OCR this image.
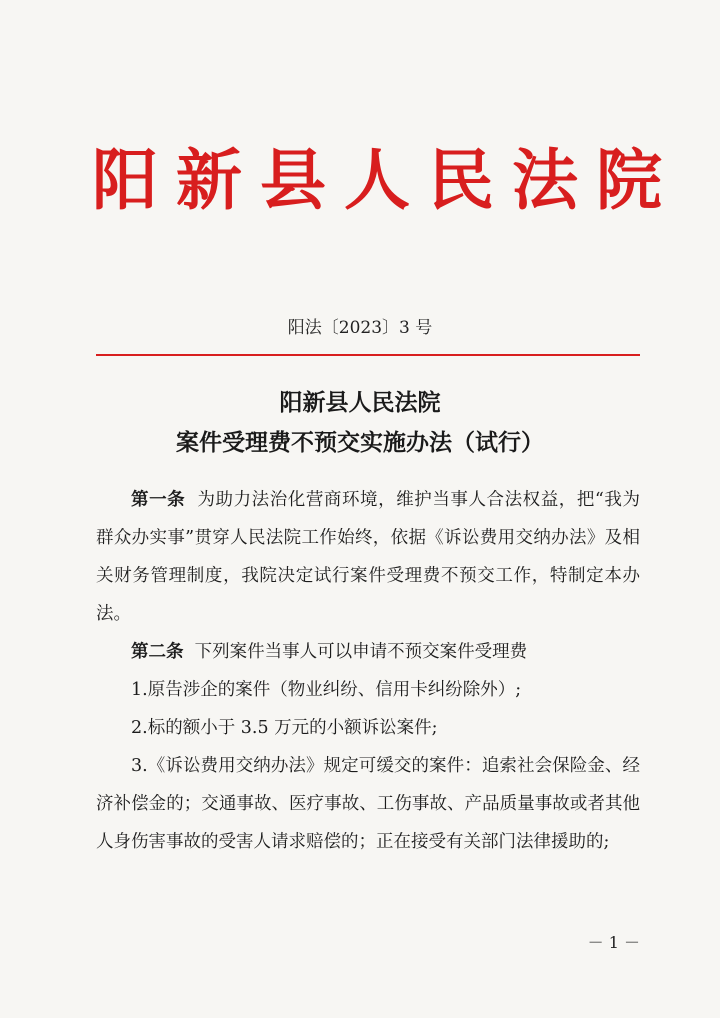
阳新县人民法院
阳法〔2023〕3 号
阳新县人民法院
案件受理费不预交实施办法（试行）

第一条 为助力法治化营商环境，维护当事人合法权益，把“我为群众办实事”贯穿人民法院工作始终，依据《诉讼费用交纳办法》及相关财务管理制度，我院决定试行案件受理费不预交工作，特制定本办法。

第二条 下列案件当事人可以申请不预交案件受理费

1.原告涉企的案件（物业纠纷、信用卡纠纷除外）;

2.标的额小于 3.5 万元的小额诉讼案件;

3.《诉讼费用交纳办法》规定可缓交的案件：追索社会保险金、经济补偿金的；交通事故、医疗事故、工伤事故、产品质量事故或者其他人身伤害事故的受害人请求赔偿的；正在接受有关部门法律援助的;

－ 1 －
